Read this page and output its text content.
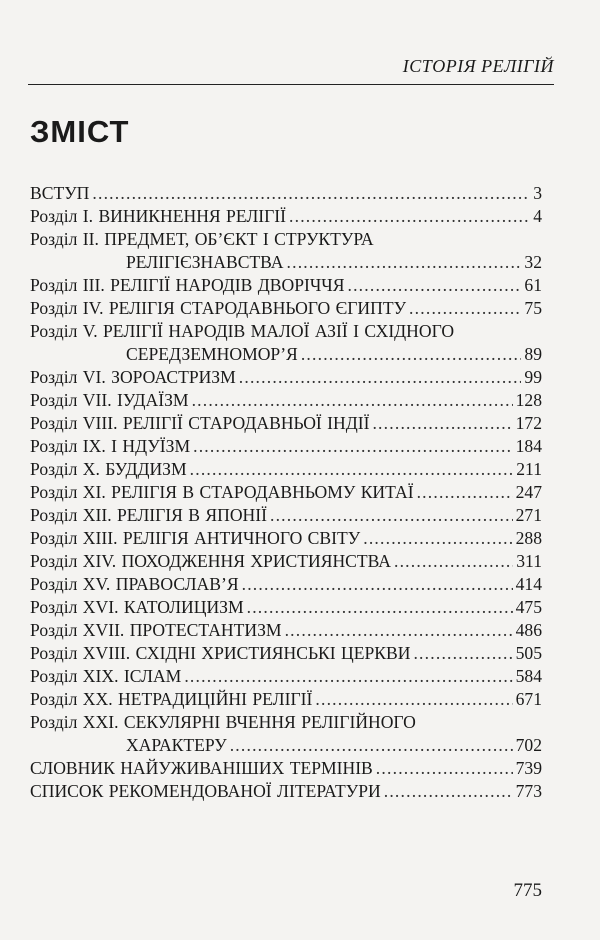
ІСТОРІЯ РЕЛІГІЙ
ЗМІСТ
ВСТУП .....	3
Розділ І. ВИНИКНЕННЯ РЕЛІГІЇ .....	4
Розділ ІІ. ПРЕДМЕТ, ОБ’ЄКТ І СТРУКТУРА
РЕЛІГІЄЗНАВСТВА .....	32
Розділ ІІІ. РЕЛІГІЇ НАРОДІВ ДВОРІЧЧЯ .....	61
Розділ IV. РЕЛІГІЯ СТАРОДАВНЬОГО ЄГИПТУ .....	75
Розділ V. РЕЛІГІЇ НАРОДІВ МАЛОЇ АЗІЇ І СХІДНОГО
СЕРЕДЗЕМНОМОР’Я .....	89
Розділ VI. ЗОРОАСТРИЗМ .....	99
Розділ VII. ІУДАЇЗМ .....	128
Розділ VIII. РЕЛІГІЇ СТАРОДАВНЬОЇ ІНДІЇ .....	172
Розділ ІХ. І НДУЇЗМ .....	184
Розділ X. БУДДИЗМ .....	211
Розділ XI. РЕЛІГІЯ В СТАРОДАВНЬОМУ КИТАЇ .....	247
Розділ XII. РЕЛІГІЯ В ЯПОНІЇ .....	271
Розділ XIII. РЕЛІГІЯ АНТИЧНОГО СВІТУ .....	288
Розділ XIV. ПОХОДЖЕННЯ ХРИСТИЯНСТВА .....	311
Розділ XV. ПРАВОСЛАВ’Я .....	414
Розділ XVI. КАТОЛИЦИЗМ .....	475
Розділ XVII. ПРОТЕСТАНТИЗМ .....	486
Розділ XVIII. СХІДНІ ХРИСТИЯНСЬКІ ЦЕРКВИ .....	505
Розділ XIX. ІСЛАМ .....	584
Розділ XX. НЕТРАДИЦІЙНІ РЕЛІГІЇ .....	671
Розділ XXI. СЕКУЛЯРНІ ВЧЕННЯ РЕЛІГІЙНОГО
ХАРАКТЕРУ .....	702
СЛОВНИК НАЙУЖИВАНІШИХ ТЕРМІНІВ .....	739
СПИСОК РЕКОМЕНДОВАНОЇ ЛІТЕРАТУРИ .....	773
775
